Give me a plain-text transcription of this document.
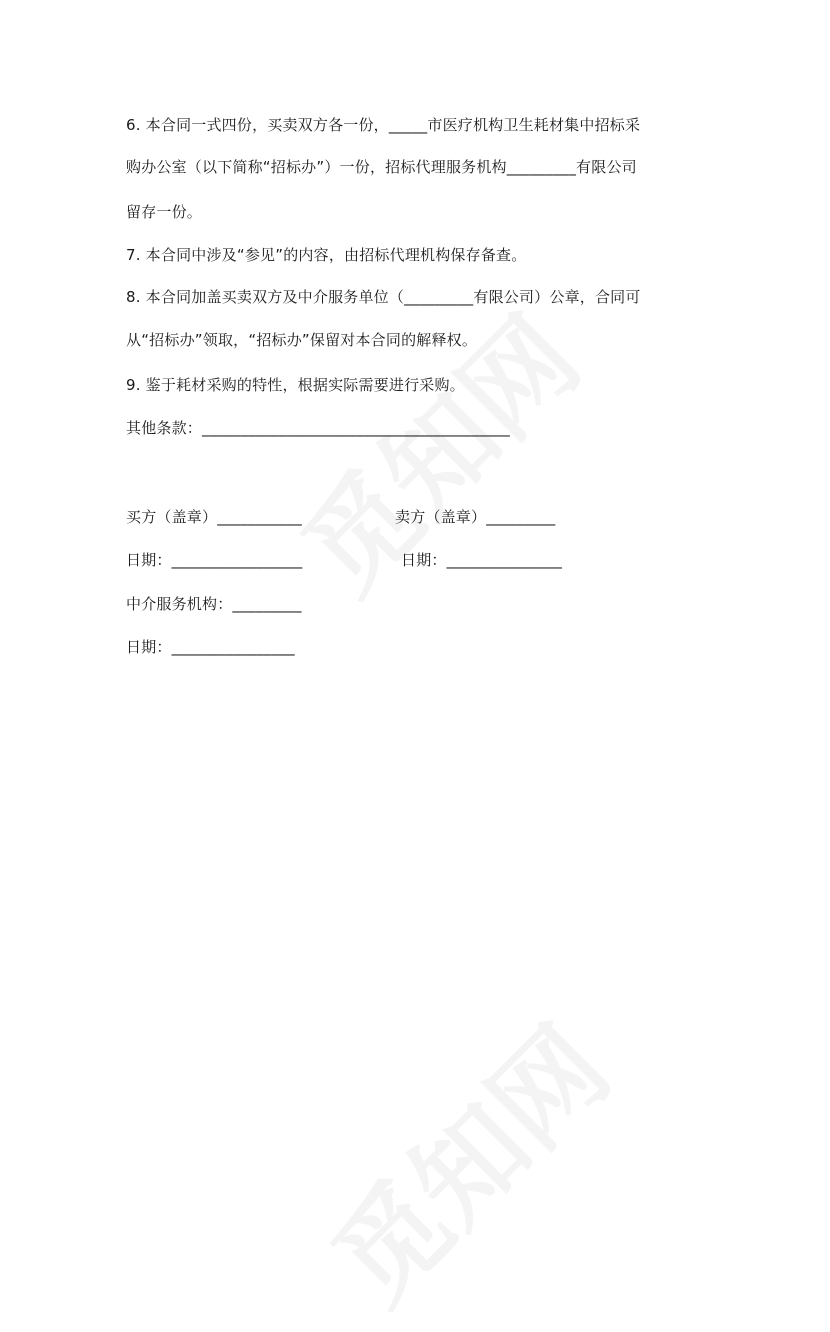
6. 本合同一式四份，买卖双方各一份，_____市医疗机构卫生耗材集中招标采
购办公室（以下简称“招标办”）一份，招标代理服务机构_________有限公司
留存一份。
7. 本合同中涉及“参见”的内容，由招标代理机构保存备查。
8. 本合同加盖买卖双方及中介服务单位（_________有限公司）公章，合同可
从“招标办”领取，“招标办”保留对本合同的解释权。
9. 鉴于耗材采购的特性，根据实际需要进行采购。
其他条款：________________________________________
买方（盖章）___________	卖方（盖章）_________
日期：_________________	日期：_______________
中介服务机构：_________
日期：________________
